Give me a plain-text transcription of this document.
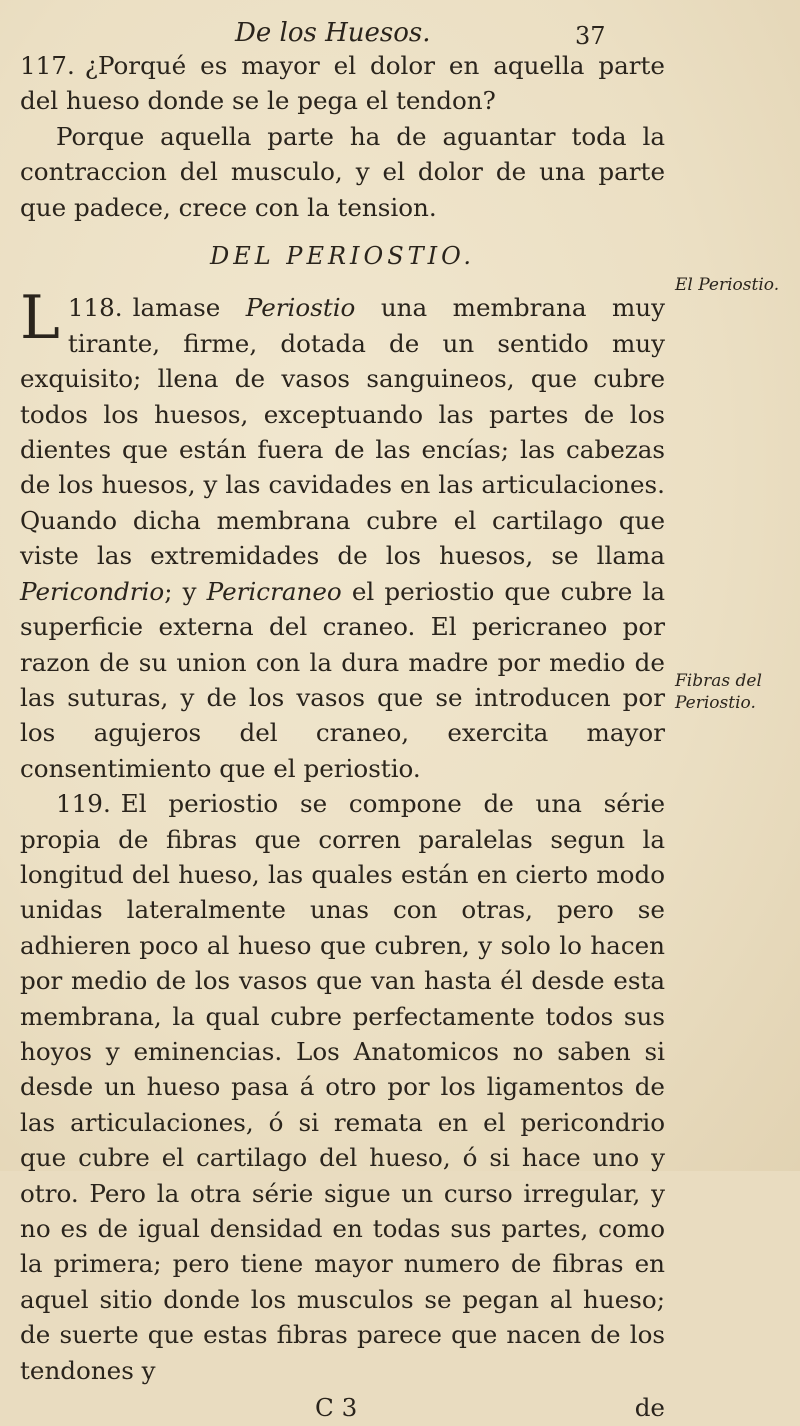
De los Huesos.	37

117. ¿Porqué es mayor el dolor en aquella parte del hueso donde se le pega el tendon?

Porque aquella parte ha de aguantar toda la contraccion del musculo, y el dolor de una parte que padece, crece con la tension.

DEL PERIOSTIO.

118.
L	lamase Periostio una membrana muy tirante, firme, dotada de un sentido muy exquisito; llena de vasos sanguineos, que cubre todos los huesos, exceptuando las partes de los dientes que están fuera de las encías; las cabezas de los huesos, y las cavidades en las articulaciones. Quando dicha membrana cubre el cartilago que viste las extremidades de los huesos, se llama Pericondrio; y Pericraneo el periostio que cubre la superficie externa del craneo. El pericraneo por razon de su union con la dura madre por medio de las suturas, y de los vasos que se introducen por los agujeros del craneo, exercita mayor consentimiento que el periostio.

119. El periostio se compone de una série propia de fibras que corren paralelas segun la longitud del hueso, las quales están en cierto modo unidas lateralmente unas con otras, pero se adhieren poco al hueso que cubren, y solo lo hacen por medio de los vasos que van hasta él desde esta membrana, la qual cubre perfectamente todos sus hoyos y eminencias. Los Anatomicos no saben si desde un hueso pasa á otro por los ligamentos de las articulaciones, ó si remata en el pericondrio que cubre el cartilago del hueso, ó si hace uno y otro. Pero la otra série sigue un curso irregular, y no es de igual densidad en todas sus partes, como la primera; pero tiene mayor numero de fibras en aquel sitio donde los musculos se pegan al hueso; de suerte que estas fibras parece que nacen de los tendones y

C 3	de
El Periostio.
Fibras del Periostio.
